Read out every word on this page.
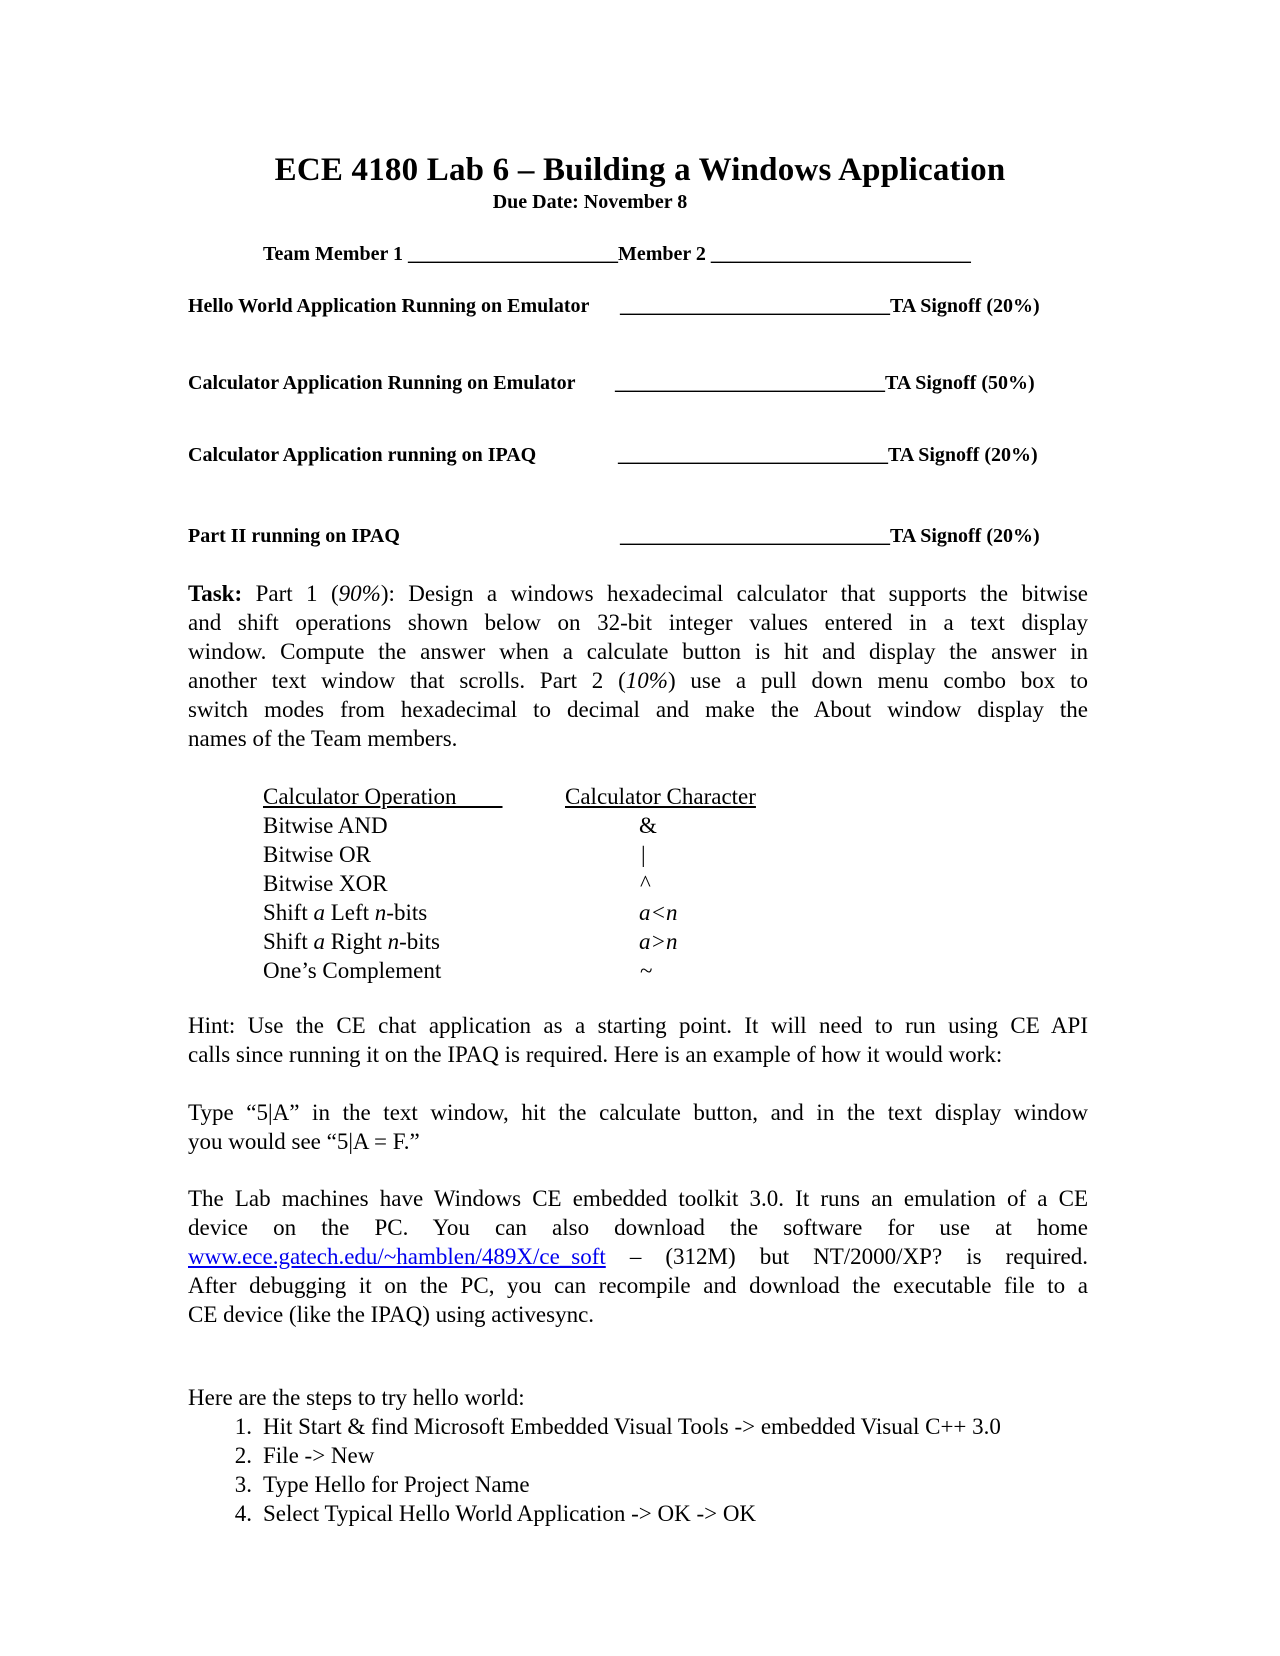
ECE 4180 Lab 6 – Building a Windows Application
Due Date: November 8
Team Member 1 _____________________Member 2 __________________________
Hello World Application Running on Emulator ___________________________TA Signoff (20%)
Calculator Application Running on Emulator ___________________________TA Signoff (50%)
Calculator Application running on IPAQ	___________________________TA Signoff (20%)
Part II running on IPAQ	___________________________TA Signoff (20%)
Task: Part 1 (90%): Design a windows hexadecimal calculator that supports the bitwise
and shift operations shown below on 32-bit integer values entered in a text display
window. Compute the answer when a calculate button is hit and display the answer in
another text window that scrolls. Part 2 (10%) use a pull down menu combo box to
switch modes from hexadecimal to decimal and make the About window display the
names of the Team members.
Calculator Operation	Calculator Character
Bitwise AND	&
Bitwise OR	|
Bitwise XOR	^
Shift a Left n-bits	a<n
Shift a Right n-bits	a>n
One’s Complement	~
Hint: Use the CE chat application as a starting point. It will need to run using CE API
calls since running it on the IPAQ is required. Here is an example of how it would work:
Type “5|A” in the text window, hit the calculate button, and in the text display window
you would see “5|A = F.”
The Lab machines have Windows CE embedded toolkit 3.0. It runs an emulation of a CE
device on the PC. You can also download the software for use at home
www.ece.gatech.edu/~hamblen/489X/ce_soft – (312M) but NT/2000/XP? is required.
After debugging it on the PC, you can recompile and download the executable file to a
CE device (like the IPAQ) using activesync.
Here are the steps to try hello world:
1. Hit Start & find Microsoft Embedded Visual Tools -> embedded Visual C++ 3.0
2. File -> New
3. Type Hello for Project Name
4. Select Typical Hello World Application -> OK -> OK
